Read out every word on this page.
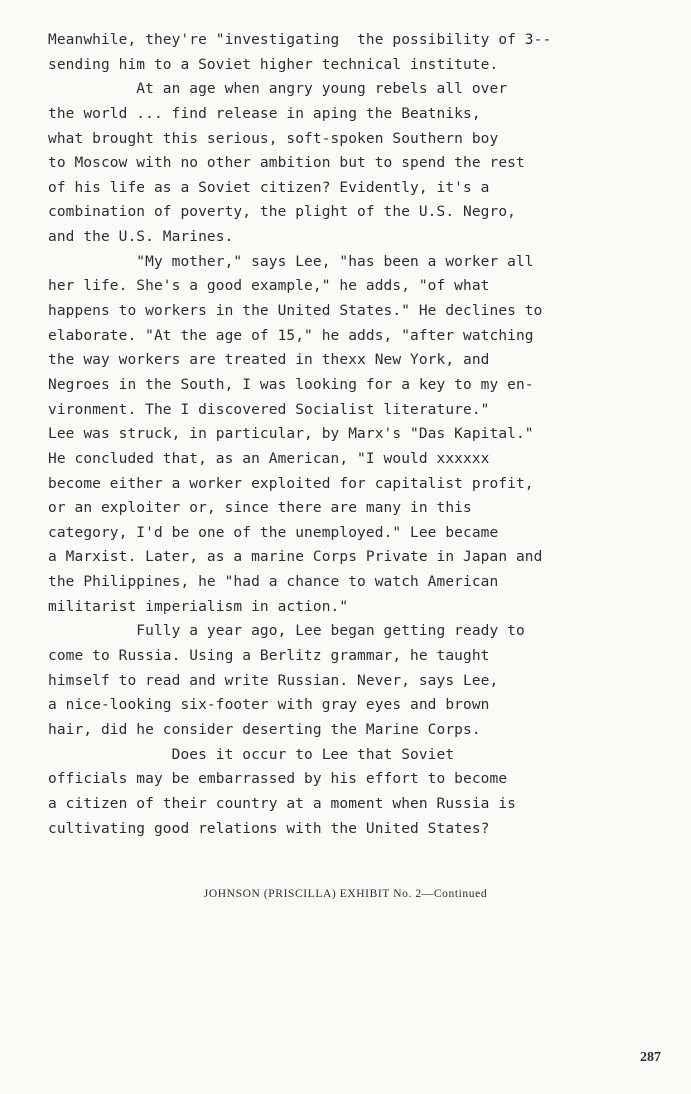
Meanwhile, they're "investigating  the possibility of 3--
sending him to a Soviet higher technical institute.
At an age when angry young rebels all over
the world ... find release in aping the Beatniks,
what brought this serious, soft-spoken Southern boy
to Moscow with no other ambition but to spend the rest
of his life as a Soviet citizen? Evidently, it's a
combination of poverty, the plight of the U.S. Negro,
and the U.S. Marines.
"My mother," says Lee, "has been a worker all
her life. She's a good example," he adds, "of what
happens to workers in the United States." He declines to
elaborate. "At the age of 15," he adds, "after watching
the way workers are treated in thexx New York, and
Negroes in the South, I was looking for a key to my en-
vironment. The I discovered Socialist literature."
Lee was struck, in particular, by Marx's "Das Kapital."
He concluded that, as an American, "I would xxxxxx
become either a worker exploited for capitalist profit,
or an exploiter or, since there are many in this
category, I'd be one of the unemployed." Lee became
a Marxist. Later, as a marine Corps Private in Japan and
the Philippines, he "had a chance to watch American
militarist imperialism in action."
Fully a year ago, Lee began getting ready to
come to Russia. Using a Berlitz grammar, he taught
himself to read and write Russian. Never, says Lee,
a nice-looking six-footer with gray eyes and brown
hair, did he consider deserting the Marine Corps.
Does it occur to Lee that Soviet
officials may be embarrassed by his effort to become
a citizen of their country at a moment when Russia is
cultivating good relations with the United States?
JOHNSON (PRISCILLA) EXHIBIT No. 2—Continued
287
